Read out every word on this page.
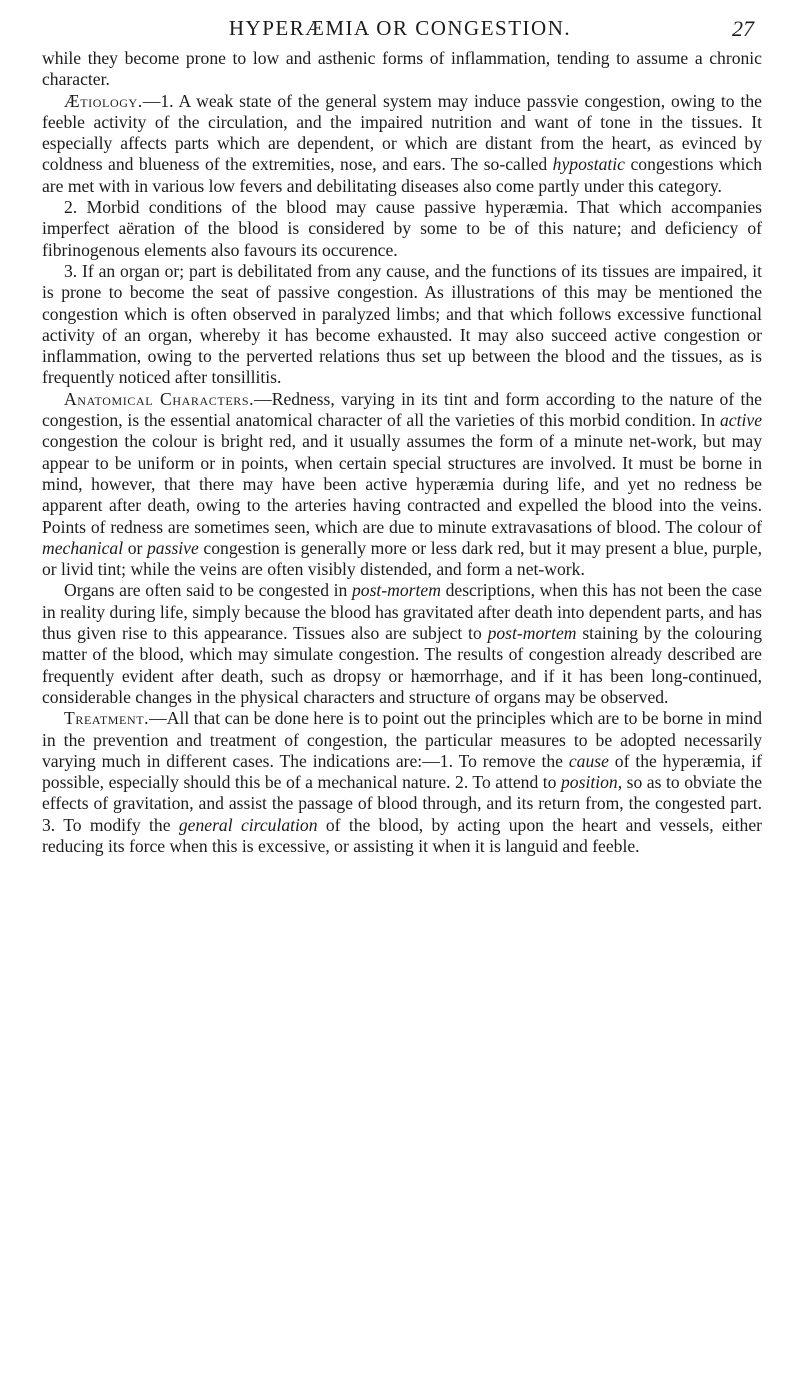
HYPERÆMIA OR CONGESTION.	27

while they become prone to low and asthenic forms of inflammation, tending to assume a chronic character.

Ætiology.—1. A weak state of the general system may induce passvie congestion, owing to the feeble activity of the circulation, and the impaired nutrition and want of tone in the tissues. It especially affects parts which are dependent, or which are distant from the heart, as evinced by coldness and blueness of the extremities, nose, and ears. The so-called hypostatic congestions which are met with in various low fevers and debilitating diseases also come partly under this category.

2. Morbid conditions of the blood may cause passive hyperæmia. That which accompanies imperfect aëration of the blood is considered by some to be of this nature; and deficiency of fibrinogenous elements also favours its occurence.

3. If an organ or; part is debilitated from any cause, and the functions of its tissues are impaired, it is prone to become the seat of passive congestion. As illustrations of this may be mentioned the congestion which is often observed in paralyzed limbs; and that which follows excessive functional activity of an organ, whereby it has become exhausted. It may also succeed active congestion or inflammation, owing to the perverted relations thus set up between the blood and the tissues, as is frequently noticed after tonsillitis.

Anatomical Characters.—Redness, varying in its tint and form according to the nature of the congestion, is the essential anatomical character of all the varieties of this morbid condition. In active congestion the colour is bright red, and it usually assumes the form of a minute net-work, but may appear to be uniform or in points, when certain special structures are involved. It must be borne in mind, however, that there may have been active hyperæmia during life, and yet no redness be apparent after death, owing to the arteries having contracted and expelled the blood into the veins. Points of redness are sometimes seen, which are due to minute extravasations of blood. The colour of mechanical or passive congestion is generally more or less dark red, but it may present a blue, purple, or livid tint; while the veins are often visibly distended, and form a net-work.

Organs are often said to be congested in post-mortem descriptions, when this has not been the case in reality during life, simply because the blood has gravitated after death into dependent parts, and has thus given rise to this appearance. Tissues also are subject to post-mortem staining by the colouring matter of the blood, which may simulate congestion. The results of congestion already described are frequently evident after death, such as dropsy or hæmorrhage, and if it has been long-continued, considerable changes in the physical characters and structure of organs may be observed.

Treatment.—All that can be done here is to point out the principles which are to be borne in mind in the prevention and treatment of congestion, the particular measures to be adopted necessarily varying much in different cases. The indications are:—1. To remove the cause of the hyperæmia, if possible, especially should this be of a mechanical nature. 2. To attend to position, so as to obviate the effects of gravitation, and assist the passage of blood through, and its return from, the congested part. 3. To modify the general circulation of the blood, by acting upon the heart and vessels, either reducing its force when this is excessive, or assisting it when it is languid and feeble.
